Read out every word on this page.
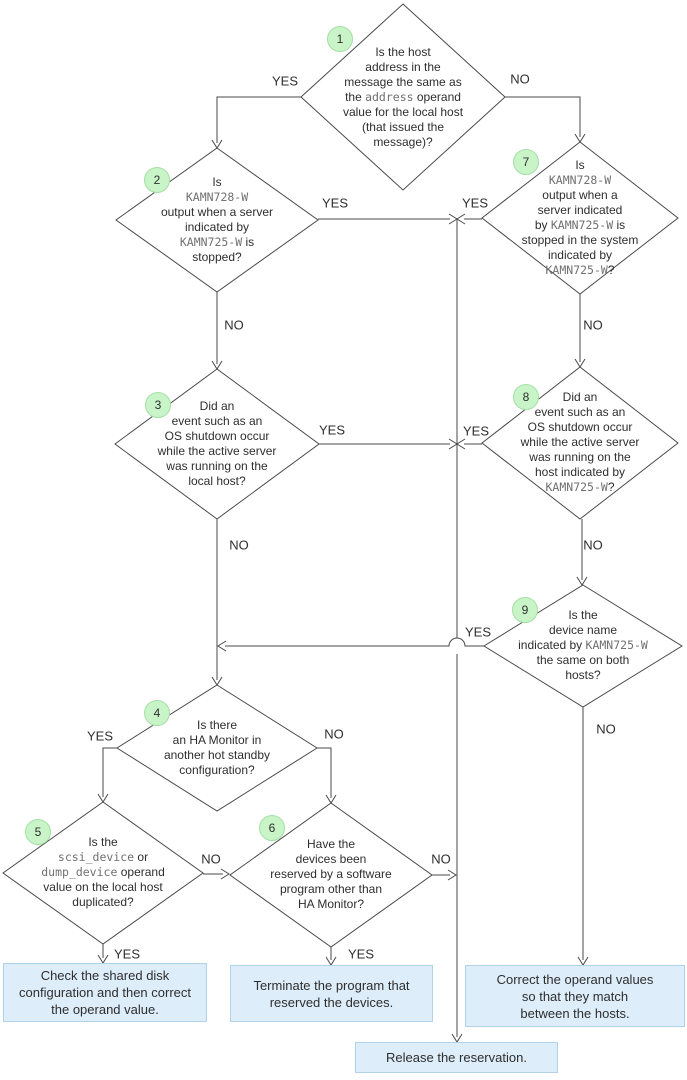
Is the host
address in the
message the same as
the address operand
value for the local host
(that issued the
message)?
Is
KAMN728-W
output when a server
indicated by
KAMN725-W is
stopped?
Is
KAMN728-W
output when a
server indicated
by KAMN725-W is
stopped in the system
indicated by
KAMN725-W?
Did an
event such as an
OS shutdown occur
while the active server
was running on the
local host?
Did an
event such as an
OS shutdown occur
while the active server
was running on the
host indicated by
KAMN725-W?
Is the
device name
indicated by KAMN725-W
the same on both
hosts?
Is there
an HA Monitor in
another hot standby
configuration?
Is the
scsi_device or
dump_device operand
value on the local host
duplicated?
Have the
devices been
reserved by a software
program other than
HA Monitor?
1
2
7
3
8
9
4
5	6
Check the shared disk
configuration and then correct
the operand value.
Terminate the program that
reserved the devices.
Correct the operand values
so that they match
between the hosts.
Release the reservation.
YES	NO
YES	YES
NO	NO
YES	YES
NO	NO
YES
NO
YES	NO
NO	NO
YES	YES
